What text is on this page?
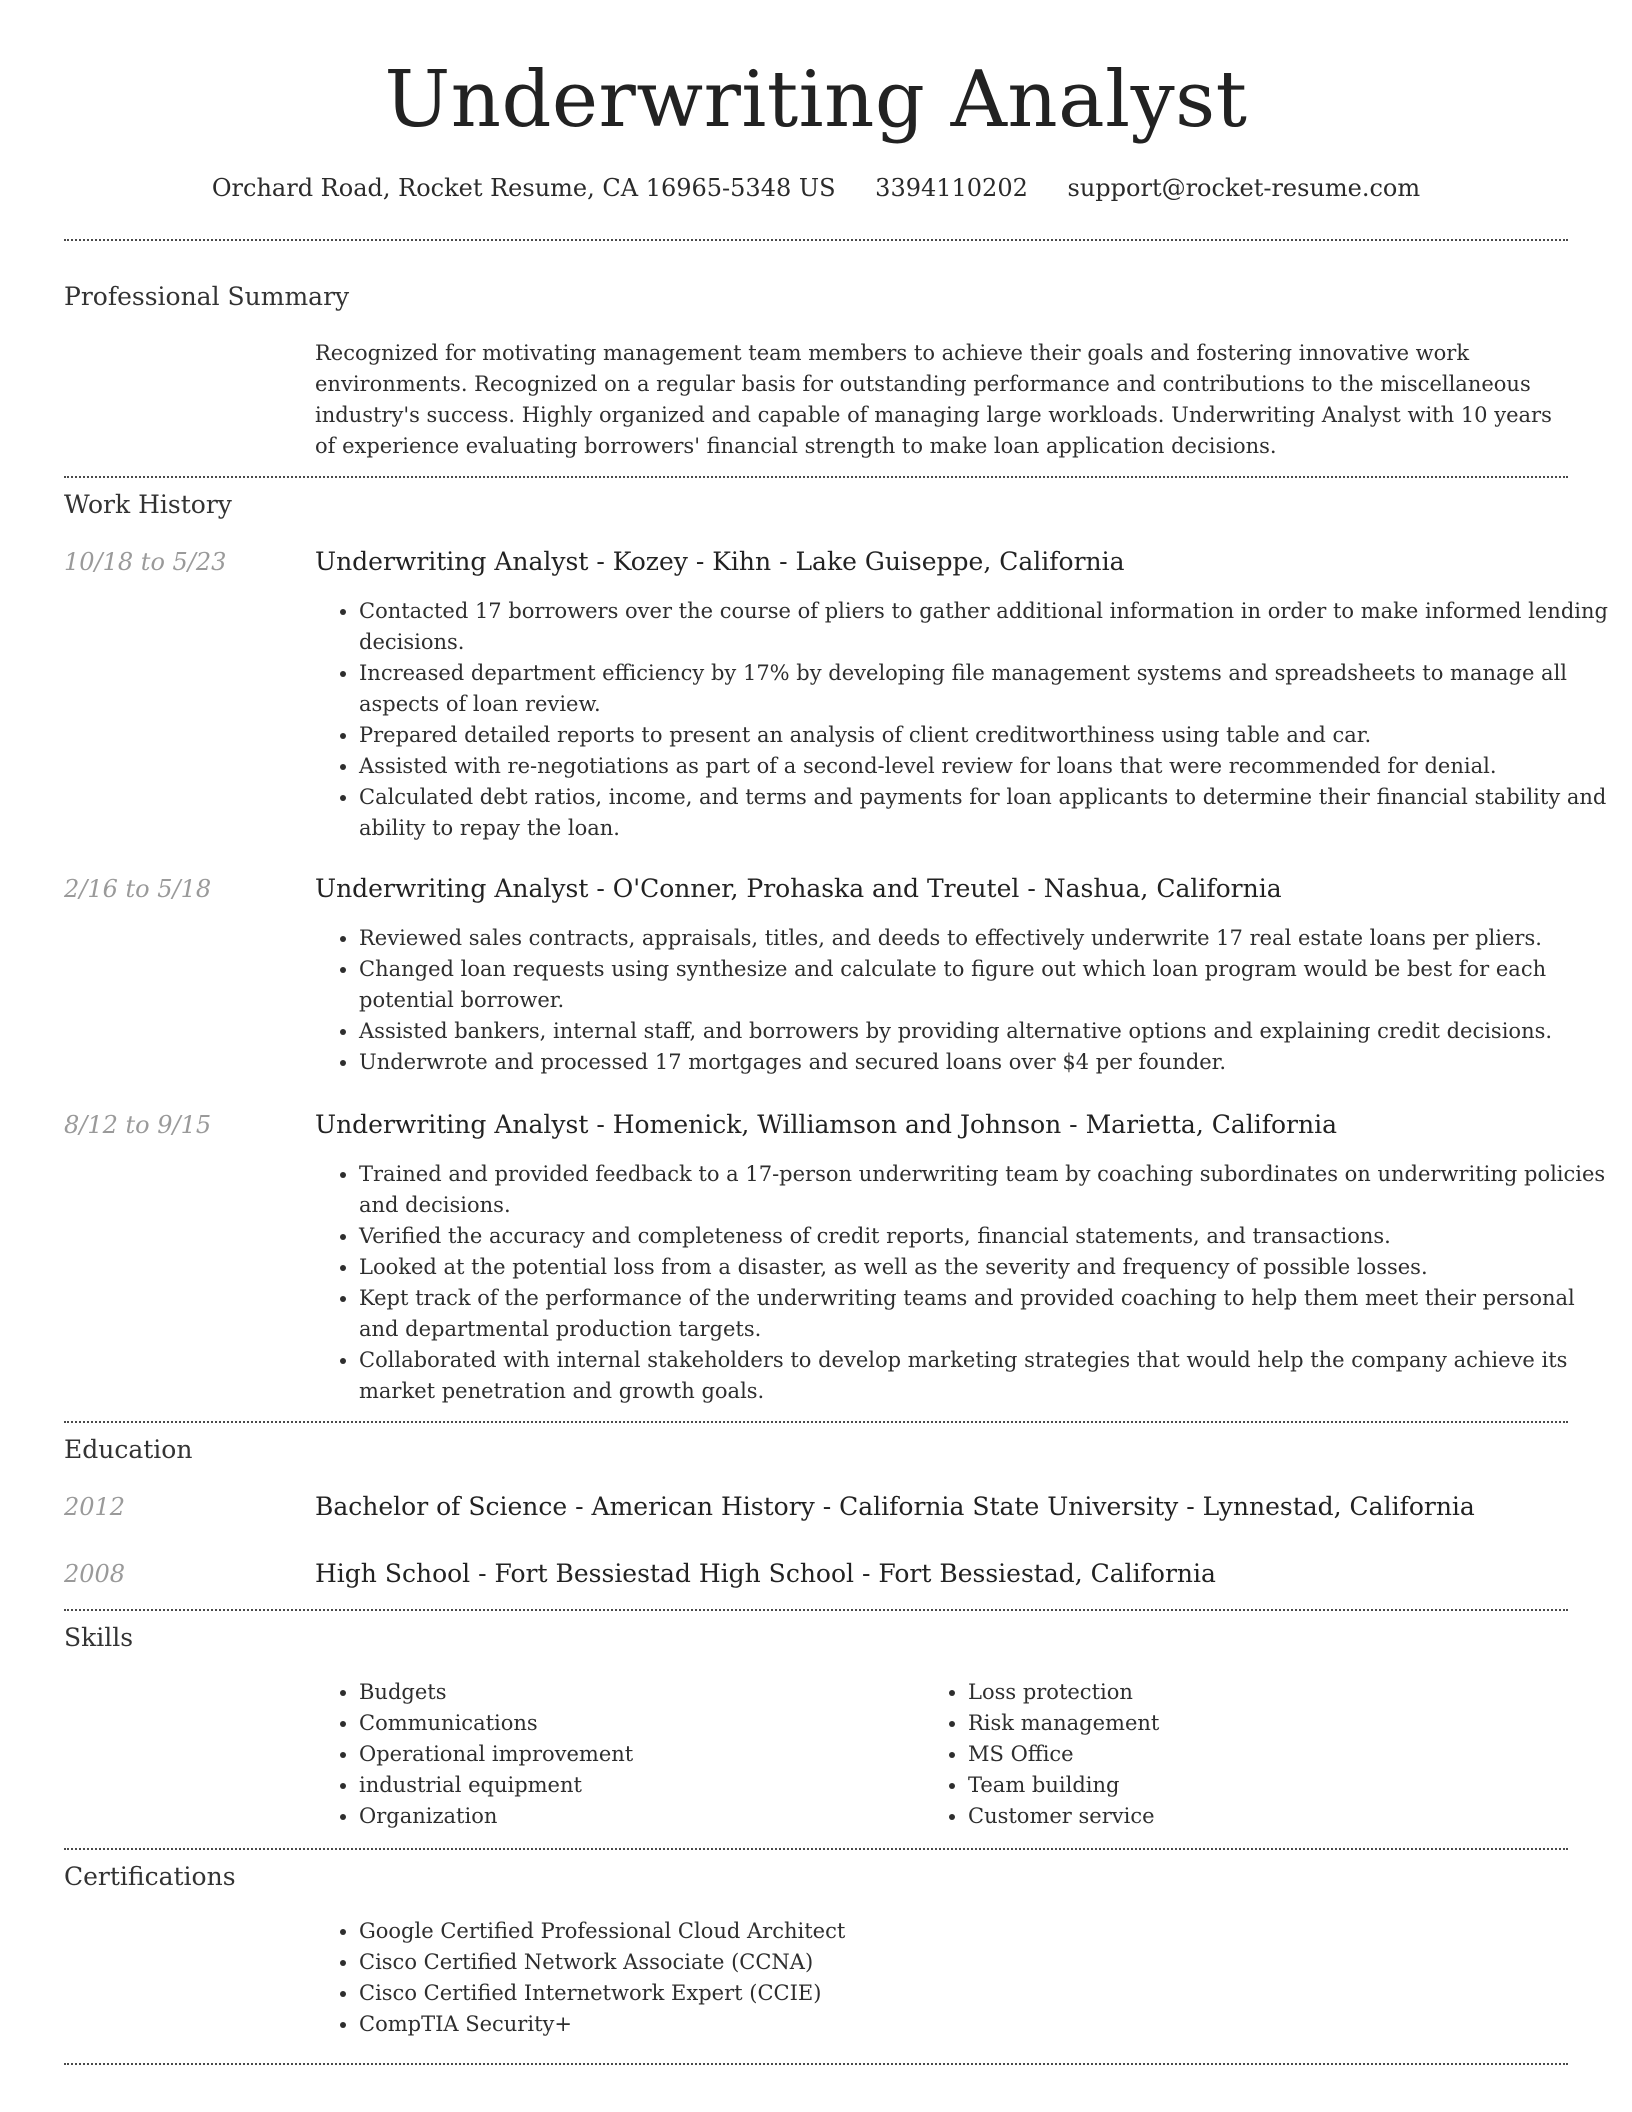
Underwriting Analyst
Orchard Road, Rocket Resume, CA 16965-5348 US 3394110202 support@rocket-resume.com
Professional Summary
Recognized for motivating management team members to achieve their goals and fostering innovative work environments. Recognized on a regular basis for outstanding performance and contributions to the miscellaneous industry's success. Highly organized and capable of managing large workloads. Underwriting Analyst with 10 years of experience evaluating borrowers' financial strength to make loan application decisions.
Work History
10/18 to 5/23	Underwriting Analyst - Kozey - Kihn - Lake Guiseppe, California
• Contacted 17 borrowers over the course of pliers to gather additional information in order to make informed lending decisions.
• Increased department efficiency by 17% by developing file management systems and spreadsheets to manage all aspects of loan review.
• Prepared detailed reports to present an analysis of client creditworthiness using table and car.
• Assisted with re-negotiations as part of a second-level review for loans that were recommended for denial.
• Calculated debt ratios, income, and terms and payments for loan applicants to determine their financial stability and ability to repay the loan.
2/16 to 5/18	Underwriting Analyst - O'Conner, Prohaska and Treutel - Nashua, California
• Reviewed sales contracts, appraisals, titles, and deeds to effectively underwrite 17 real estate loans per pliers.
• Changed loan requests using synthesize and calculate to figure out which loan program would be best for each potential borrower.
• Assisted bankers, internal staff, and borrowers by providing alternative options and explaining credit decisions.
• Underwrote and processed 17 mortgages and secured loans over $4 per founder.
8/12 to 9/15	Underwriting Analyst - Homenick, Williamson and Johnson - Marietta, California
• Trained and provided feedback to a 17-person underwriting team by coaching subordinates on underwriting policies and decisions.
• Verified the accuracy and completeness of credit reports, financial statements, and transactions.
• Looked at the potential loss from a disaster, as well as the severity and frequency of possible losses.
• Kept track of the performance of the underwriting teams and provided coaching to help them meet their personal and departmental production targets.
• Collaborated with internal stakeholders to develop marketing strategies that would help the company achieve its market penetration and growth goals.
Education
2012	Bachelor of Science - American History - California State University - Lynnestad, California
2008	High School - Fort Bessiestad High School - Fort Bessiestad, California
Skills
• Budgets
• Communications
• Operational improvement
• industrial equipment
• Organization
• Loss protection
• Risk management
• MS Office
• Team building
• Customer service
Certifications
• Google Certified Professional Cloud Architect
• Cisco Certified Network Associate (CCNA)
• Cisco Certified Internetwork Expert (CCIE)
• CompTIA Security+
